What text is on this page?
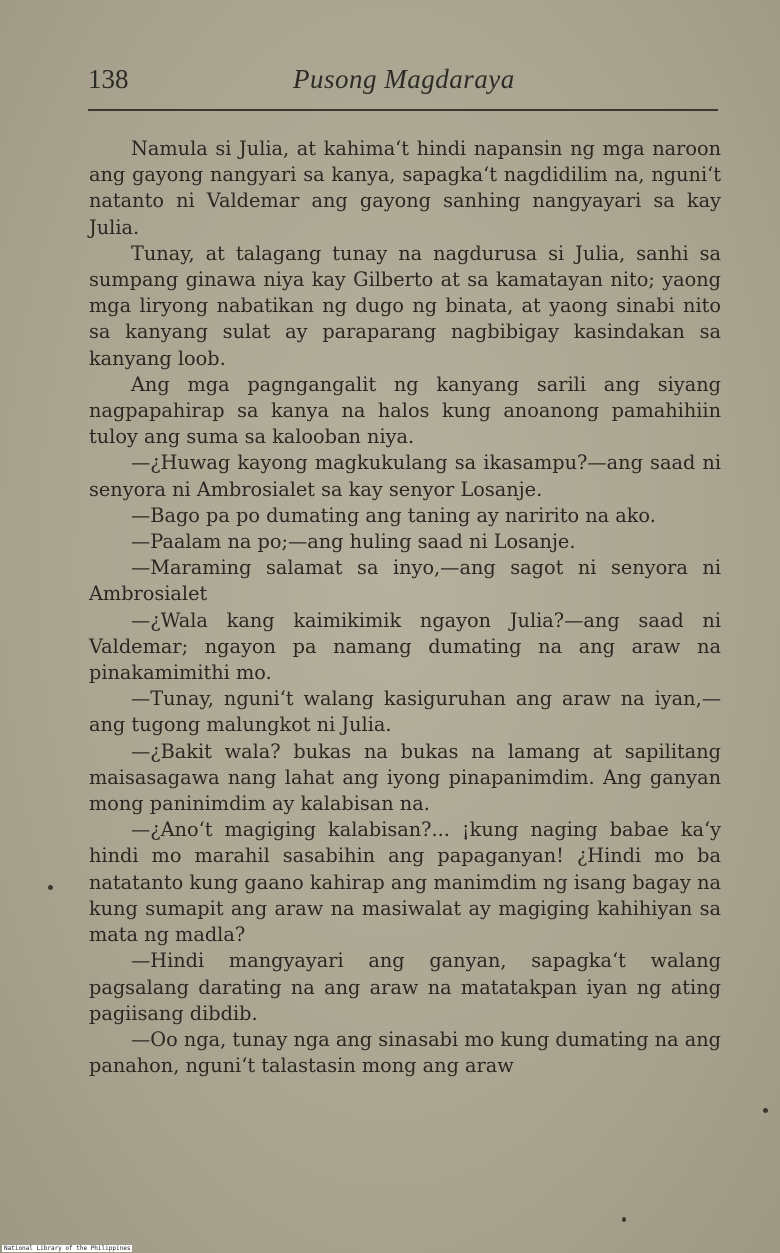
138	Pusong Magdaraya

Namula si Julia, at kahima‘t hindi napansin ng mga naroon ang gayong nangyari sa kanya, sapagka‘t nagdidilim na, nguni‘t natanto ni Valdemar ang gayong sanhing nangyayari sa kay Julia.

Tunay, at talagang tunay na nagdurusa si Julia, sanhi sa sumpang ginawa niya kay Gilberto at sa kamatayan nito; yaong mga liryong nabatikan ng dugo ng binata, at yaong sinabi nito sa kanyang sulat ay paraparang nagbibigay kasindakan sa kanyang loob.

Ang mga pagngangalit ng kanyang sarili ang siyang nagpapahirap sa kanya na halos kung anoanong pamahihiin tuloy ang suma sa kalooban niya.

—¿Huwag kayong magkukulang sa ikasampu?—ang saad ni senyora ni Ambrosialet sa kay senyor Losanje.

—Bago pa po dumating ang taning ay naririto na ako.

—Paalam na po;—ang huling saad ni Losanje.

—Maraming salamat sa inyo,—ang sagot ni senyora ni Ambrosialet

—¿Wala kang kaimikimik ngayon Julia?—ang saad ni Valdemar; ngayon pa namang dumating na ang araw na pinakamimithi mo.

—Tunay, nguni‘t walang kasiguruhan ang araw na iyan,—ang tugong malungkot ni Julia.

—¿Bakit wala? bukas na bukas na lamang at sapilitang maisasagawa nang lahat ang iyong pinapanimdim. Ang ganyan mong paninimdim ay kalabisan na.

—¿Ano‘t magiging kalabisan?... ¡kung naging babae ka‘y hindi mo marahil sasabihin ang papaganyan! ¿Hindi mo ba natatanto kung gaano kahirap ang manimdim ng isang bagay na kung sumapit ang araw na masiwalat ay magiging kahihiyan sa mata ng madla?

—Hindi mangyayari ang ganyan, sapagka‘t walang pagsalang darating na ang araw na matatakpan iyan ng ating pagiisang dibdib.

—Oo nga, tunay nga ang sinasabi mo kung dumating na ang panahon, nguni‘t talastasin mong ang araw

National Library of the Philippines
